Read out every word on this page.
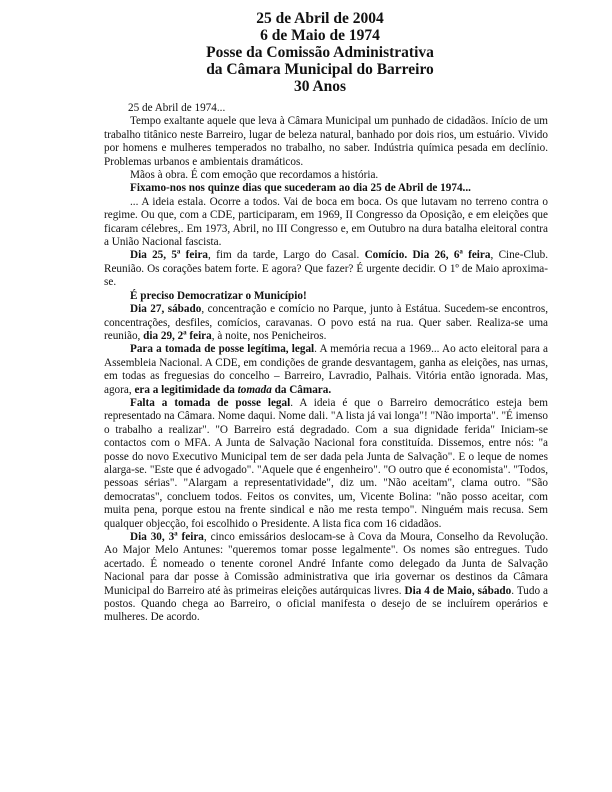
25 de Abril de 2004
6 de Maio de 1974
Posse da Comissão Administrativa
da Câmara Municipal do Barreiro
30 Anos

25 de Abril de 1974...

Tempo exaltante aquele que leva à Câmara Municipal um punhado de cidadãos. Início de um trabalho titânico neste Barreiro, lugar de beleza natural, banhado por dois rios, um estuário. Vivido por homens e mulheres temperados no trabalho, no saber. Indústria química pesada em declínio. Problemas urbanos e ambientais dramáticos.

Mãos à obra. É com emoção que recordamos a história.

Fixamo-nos nos quinze dias que sucederam ao dia 25 de Abril de 1974...

... A ideia estala. Ocorre a todos. Vai de boca em boca. Os que lutavam no terreno contra o regime. Ou que, com a CDE, participaram, em 1969, II Congresso da Oposição, e em eleições que ficaram célebres,. Em 1973, Abril, no III Congresso e, em Outubro na dura batalha eleitoral contra a União Nacional fascista.

Dia 25, 5ª feira, fim da tarde, Largo do Casal. Comício. Dia 26, 6ª feira, Cine-Club. Reunião. Os corações batem forte. E agora? Que fazer? É urgente decidir. O 1º de Maio aproxima-se.

É preciso Democratizar o Município!

Dia 27, sábado, concentração e comício no Parque, junto à Estátua. Sucedem-se encontros, concentrações, desfiles, comícios, caravanas. O povo está na rua. Quer saber. Realiza-se uma reunião, dia 29, 2ª feira, à noite, nos Penicheiros.

Para a tomada de posse legítima, legal. A memória recua a 1969... Ao acto eleitoral para a Assembleia Nacional. A CDE, em condições de grande desvantagem, ganha as eleições, nas urnas, em todas as freguesias do concelho – Barreiro, Lavradio, Palhais. Vitória então ignorada. Mas, agora, era a legitimidade da tomada da Câmara.

Falta a tomada de posse legal. A ideia é que o Barreiro democrático esteja bem representado na Câmara. Nome daqui. Nome dali. "A lista já vai longa"! "Não importa". "É imenso o trabalho a realizar". "O Barreiro está degradado. Com a sua dignidade ferida" Iniciam-se contactos com o MFA. A Junta de Salvação Nacional fora constituída. Dissemos, entre nós: "a posse do novo Executivo Municipal tem de ser dada pela Junta de Salvação". E o leque de nomes alarga-se. "Este que é advogado". "Aquele que é engenheiro". "O outro que é economista". "Todos, pessoas sérias". "Alargam a representatividade", diz um. "Não aceitam", clama outro. "São democratas", concluem todos. Feitos os convites, um, Vicente Bolina: "não posso aceitar, com muita pena, porque estou na frente sindical e não me resta tempo". Ninguém mais recusa. Sem qualquer objecção, foi escolhido o Presidente. A lista fica com 16 cidadãos.

Dia 30, 3ª feira, cinco emissários deslocam-se à Cova da Moura, Conselho da Revolução. Ao Major Melo Antunes: "queremos tomar posse legalmente". Os nomes são entregues. Tudo acertado. É nomeado o tenente coronel André Infante como delegado da Junta de Salvação Nacional para dar posse à Comissão administrativa que iria governar os destinos da Câmara Municipal do Barreiro até às primeiras eleições autárquicas livres. Dia 4 de Maio, sábado. Tudo a postos. Quando chega ao Barreiro, o oficial manifesta o desejo de se incluírem operários e mulheres. De acordo.
